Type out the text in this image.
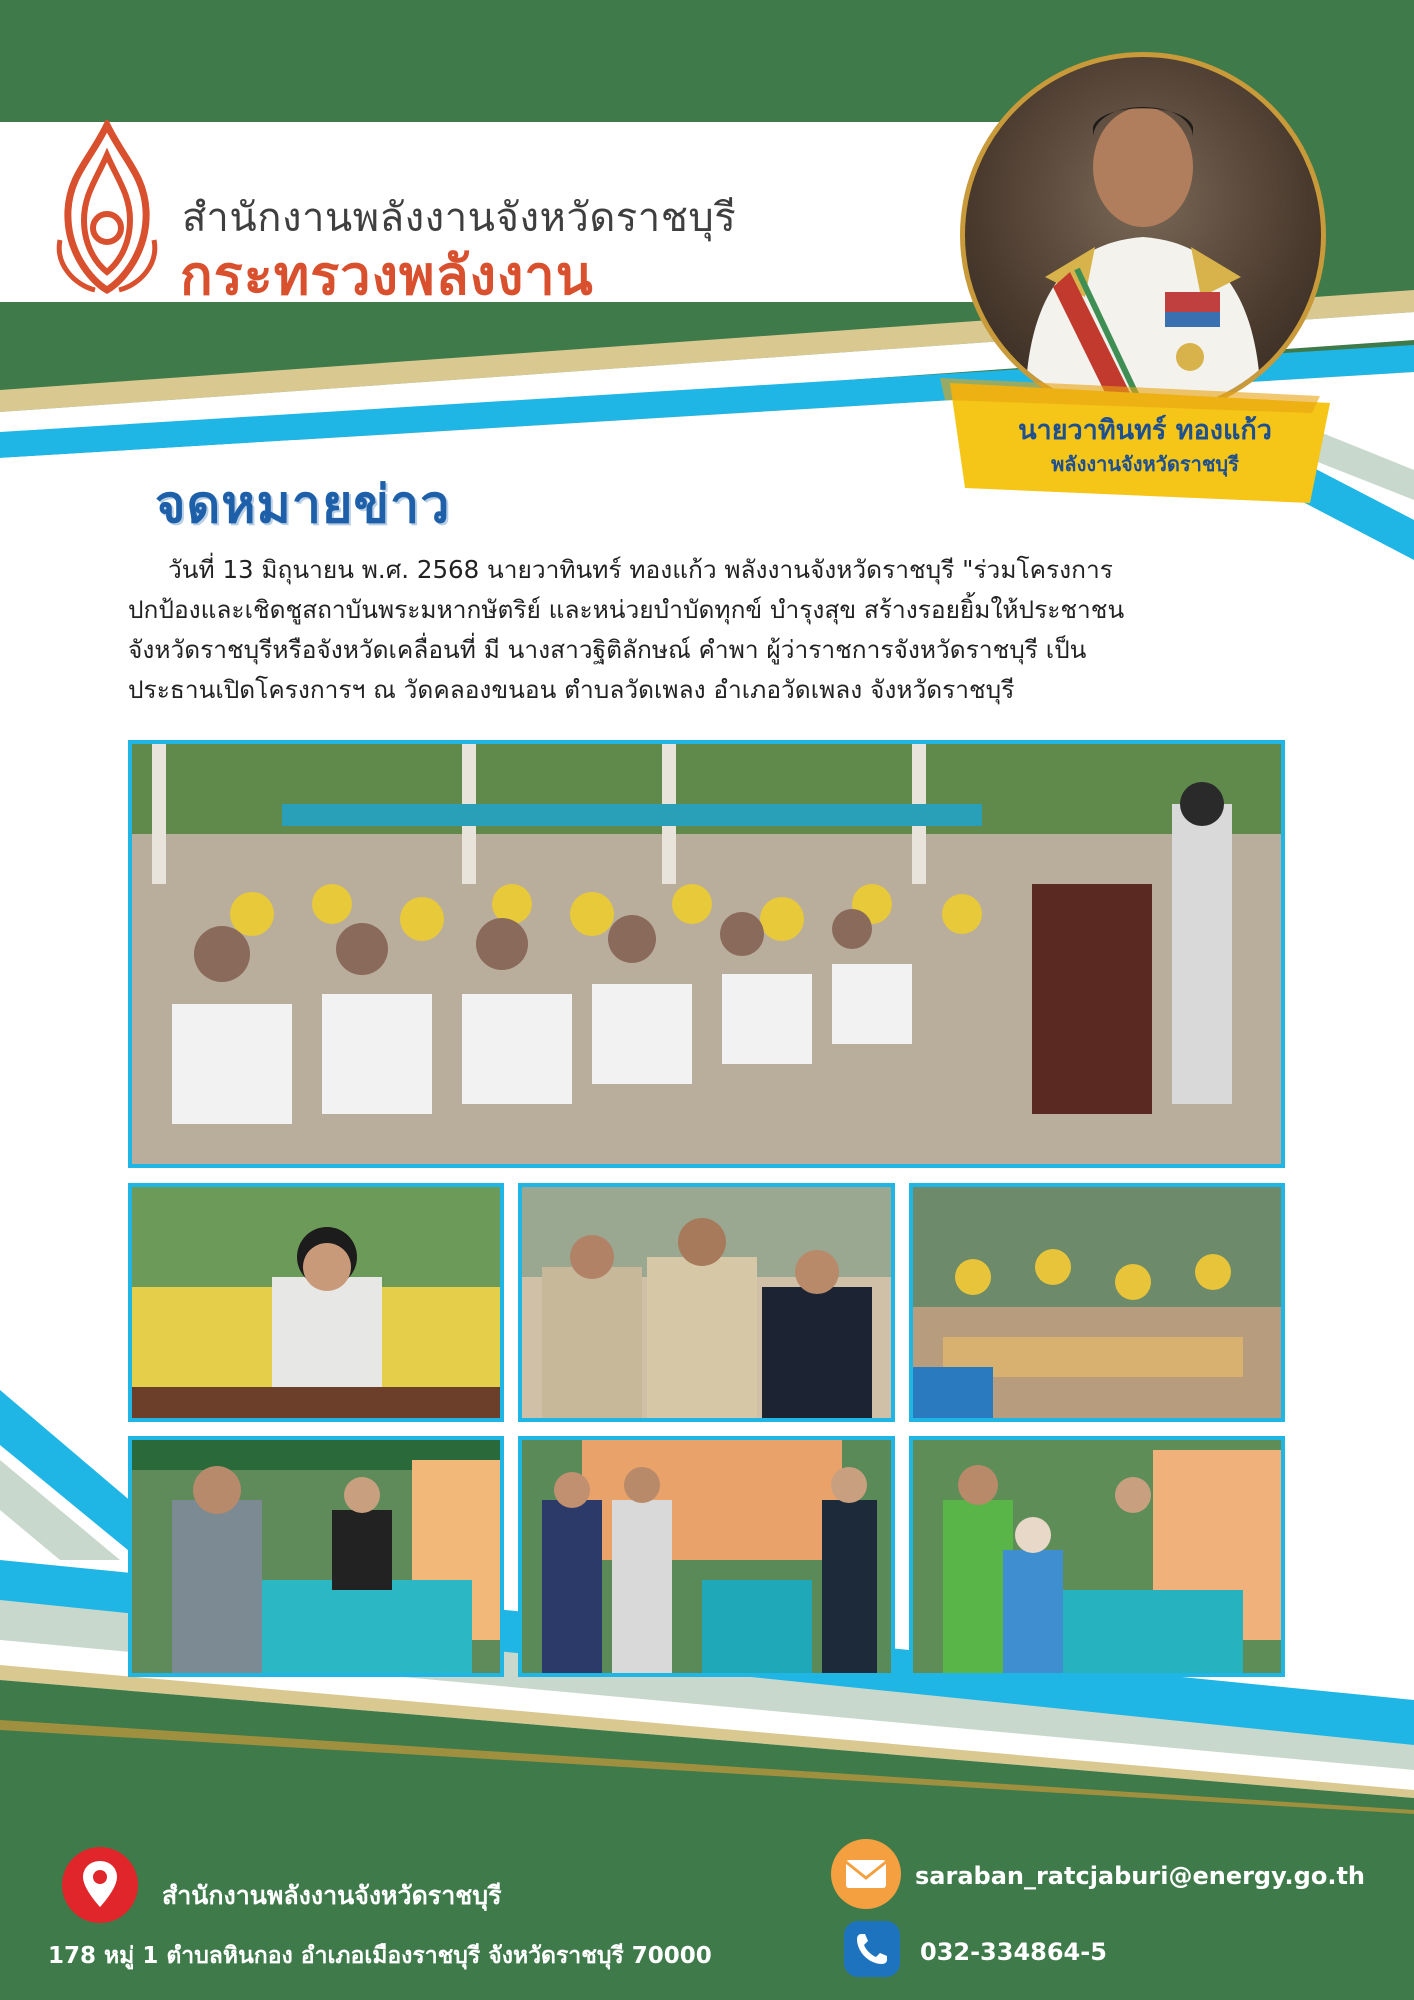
สำนักงานพลังงานจังหวัดราชบุรี
กระทรวงพลังงาน
นายวาทินทร์ ทองแก้ว
พลังงานจังหวัดราชบุรี
จดหมายข่าว

วันที่ 13 มิถุนายน พ.ศ. 2568 นายวาทินทร์ ทองแก้ว พลังงานจังหวัดราชบุรี "ร่วมโครงการ

ปกป้องและเชิดชูสถาบันพระมหากษัตริย์ และหน่วยบำบัดทุกข์ บำรุงสุข สร้างรอยยิ้มให้ประชาชน

จังหวัดราชบุรีหรือจังหวัดเคลื่อนที่ มี นางสาวฐิติลักษณ์ คำพา ผู้ว่าราชการจังหวัดราชบุรี เป็น

ประธานเปิดโครงการฯ ณ วัดคลองขนอน ตำบลวัดเพลง อำเภอวัดเพลง จังหวัดราชบุรี

สำนักงานพลังงานจังหวัดราชบุรี
178 หมู่ 1 ตำบลหินกอง อำเภอเมืองราชบุรี จังหวัดราชบุรี 70000
saraban_ratcjaburi@energy.go.th
032-334864-5
